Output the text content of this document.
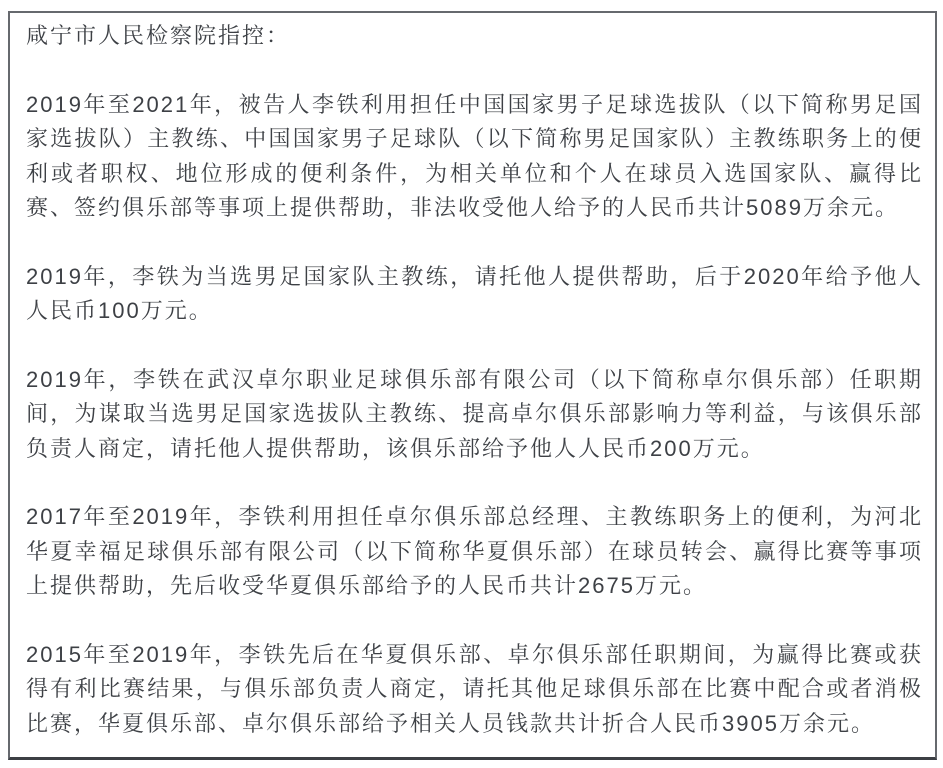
咸宁市人民检察院指控：

2019年至2021年，被告人李铁利用担任中国国家男子足球选拔队（以下简称男足国家选拔队）主教练、中国国家男子足球队（以下简称男足国家队）主教练职务上的便利或者职权、地位形成的便利条件，为相关单位和个人在球员入选国家队、赢得比赛、签约俱乐部等事项上提供帮助，非法收受他人给予的人民币共计5089万余元。

2019年，李铁为当选男足国家队主教练，请托他人提供帮助，后于2020年给予他人人民币100万元。

2019年，李铁在武汉卓尔职业足球俱乐部有限公司（以下简称卓尔俱乐部）任职期间，为谋取当选男足国家选拔队主教练、提高卓尔俱乐部影响力等利益，与该俱乐部负责人商定，请托他人提供帮助，该俱乐部给予他人人民币200万元。

2017年至2019年，李铁利用担任卓尔俱乐部总经理、主教练职务上的便利，为河北华夏幸福足球俱乐部有限公司（以下简称华夏俱乐部）在球员转会、赢得比赛等事项上提供帮助，先后收受华夏俱乐部给予的人民币共计2675万元。

2015年至2019年，李铁先后在华夏俱乐部、卓尔俱乐部任职期间，为赢得比赛或获得有利比赛结果，与俱乐部负责人商定，请托其他足球俱乐部在比赛中配合或者消极比赛，华夏俱乐部、卓尔俱乐部给予相关人员钱款共计折合人民币3905万余元。
